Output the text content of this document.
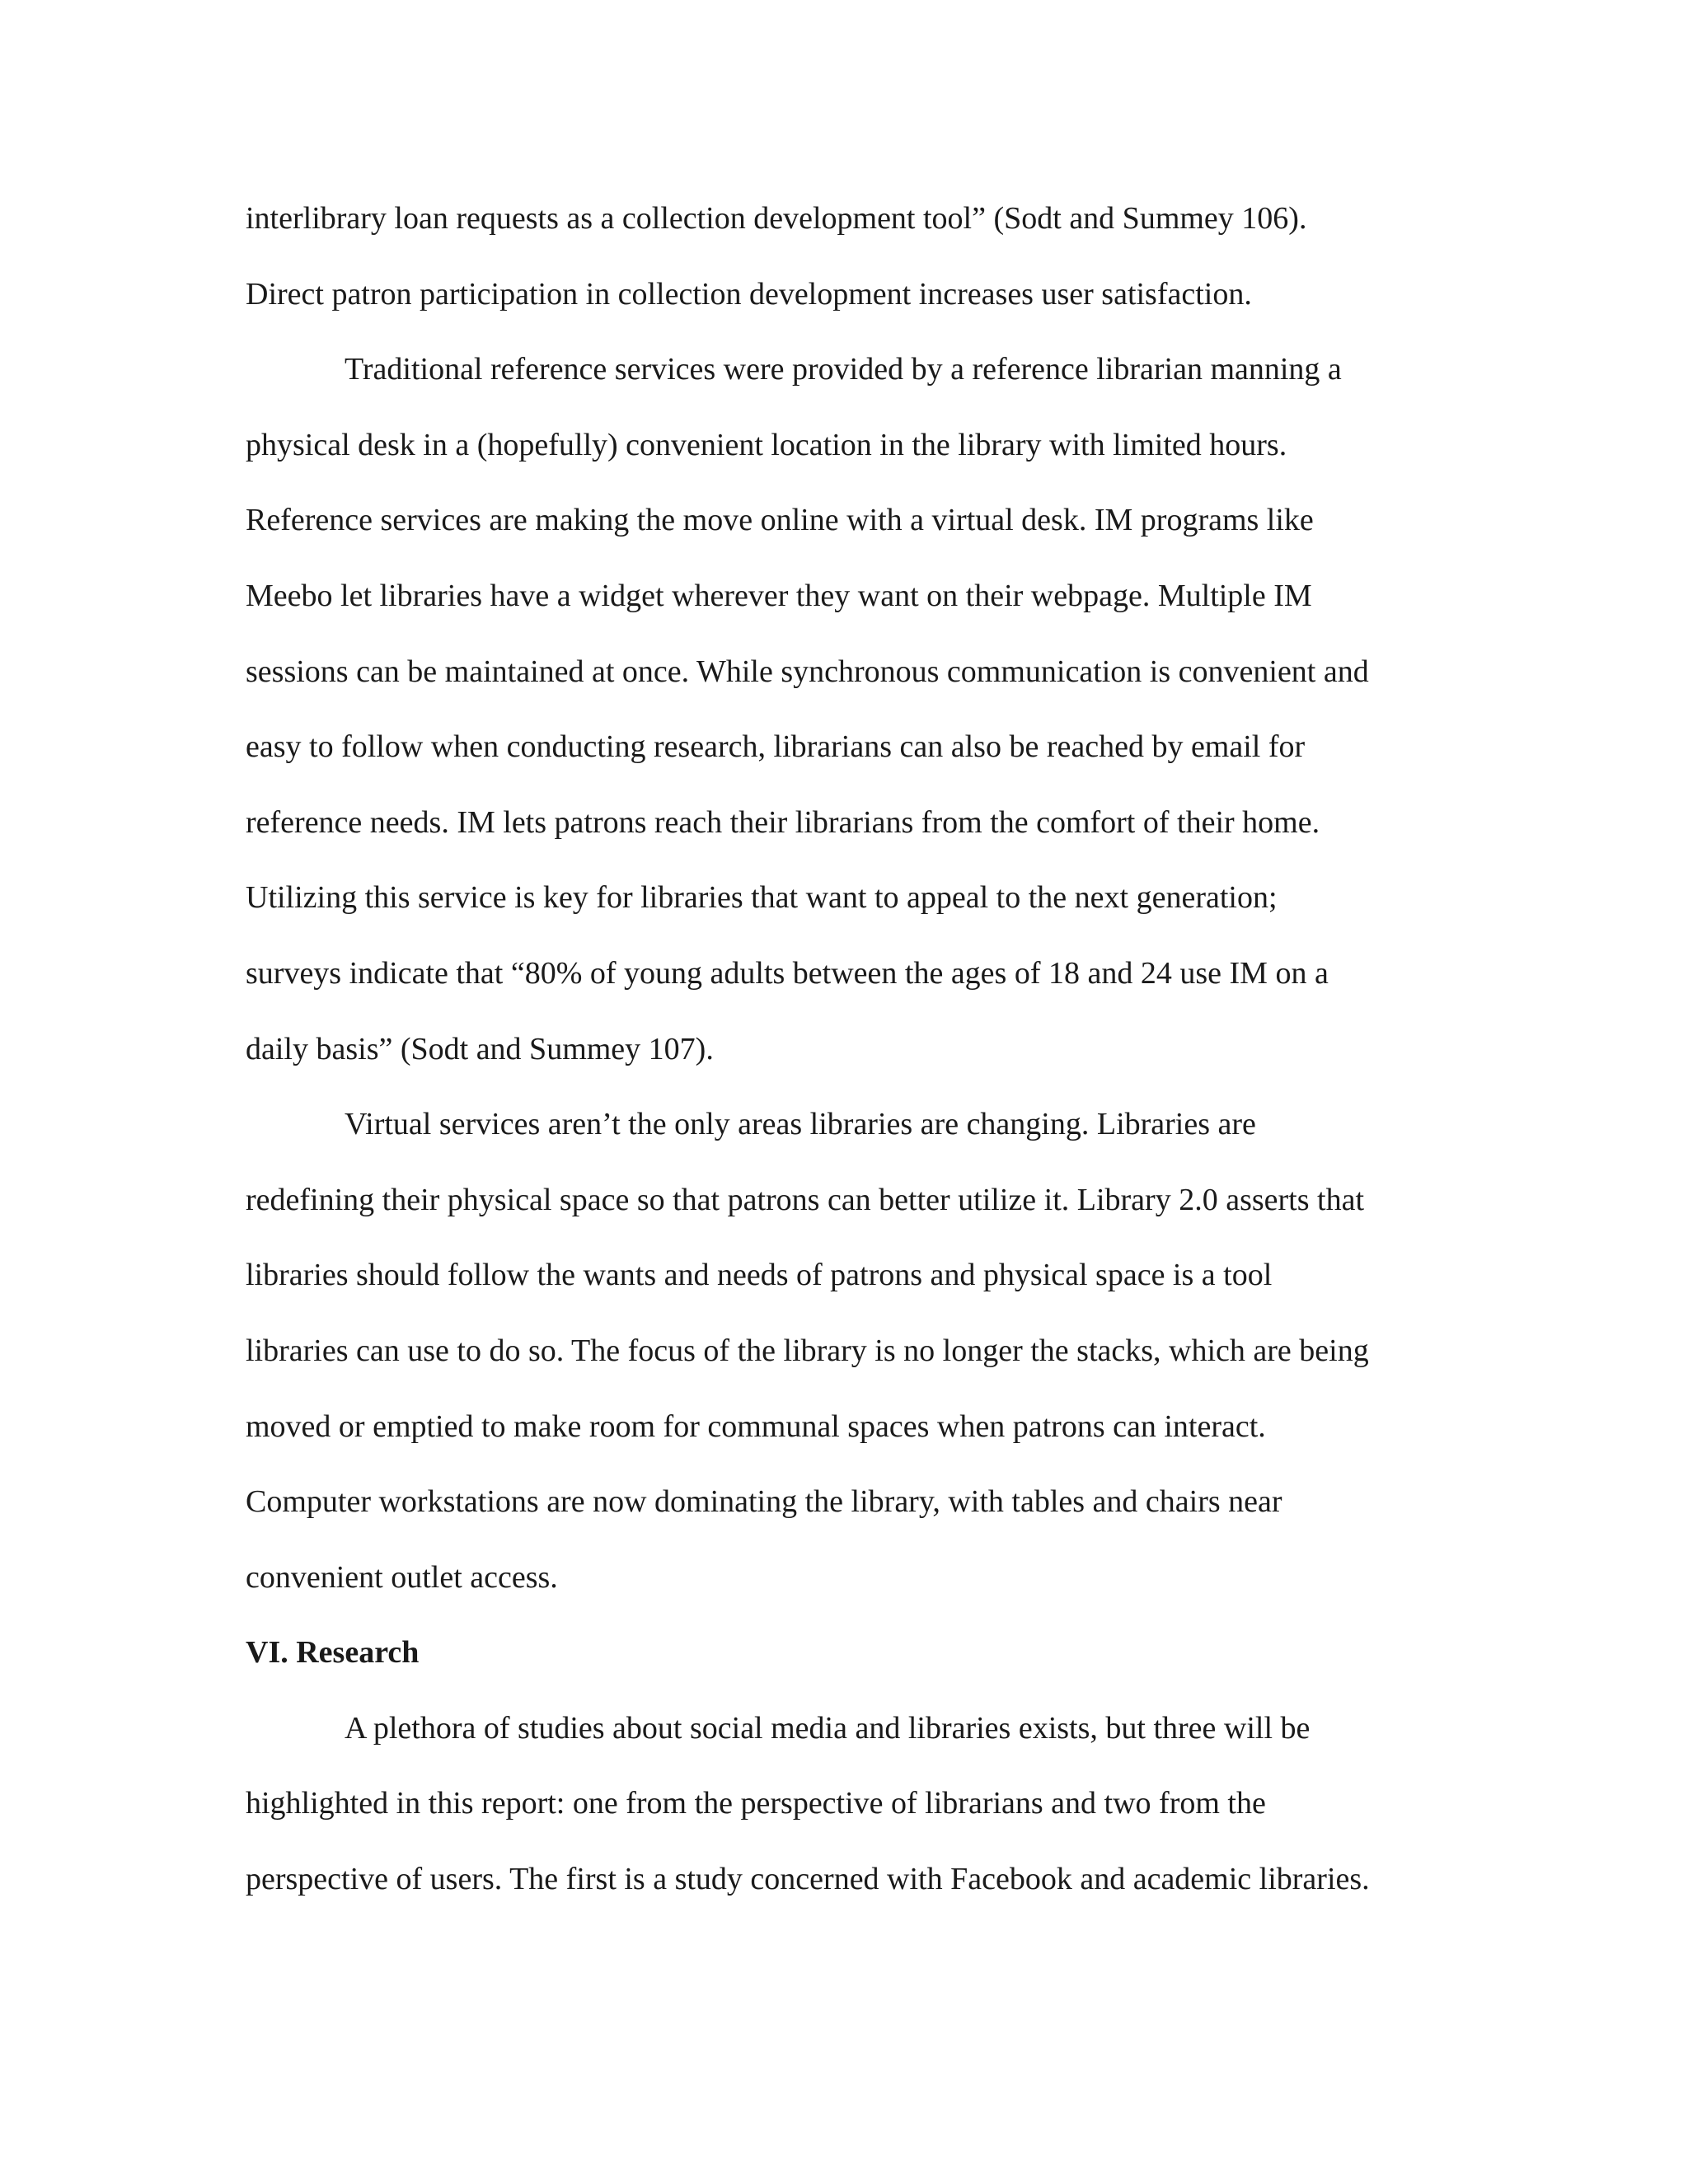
interlibrary loan requests as a collection development tool” (Sodt and Summey 106).
Direct patron participation in collection development increases user satisfaction.
Traditional reference services were provided by a reference librarian manning a
physical desk in a (hopefully) convenient location in the library with limited hours.
Reference services are making the move online with a virtual desk. IM programs like
Meebo let libraries have a widget wherever they want on their webpage. Multiple IM
sessions can be maintained at once. While synchronous communication is convenient and
easy to follow when conducting research, librarians can also be reached by email for
reference needs. IM lets patrons reach their librarians from the comfort of their home.
Utilizing this service is key for libraries that want to appeal to the next generation;
surveys indicate that “80% of young adults between the ages of 18 and 24 use IM on a
daily basis” (Sodt and Summey 107).
Virtual services aren’t the only areas libraries are changing. Libraries are
redefining their physical space so that patrons can better utilize it. Library 2.0 asserts that
libraries should follow the wants and needs of patrons and physical space is a tool
libraries can use to do so. The focus of the library is no longer the stacks, which are being
moved or emptied to make room for communal spaces when patrons can interact.
Computer workstations are now dominating the library, with tables and chairs near
convenient outlet access.
VI. Research
A plethora of studies about social media and libraries exists, but three will be
highlighted in this report: one from the perspective of librarians and two from the
perspective of users. The first is a study concerned with Facebook and academic libraries.
